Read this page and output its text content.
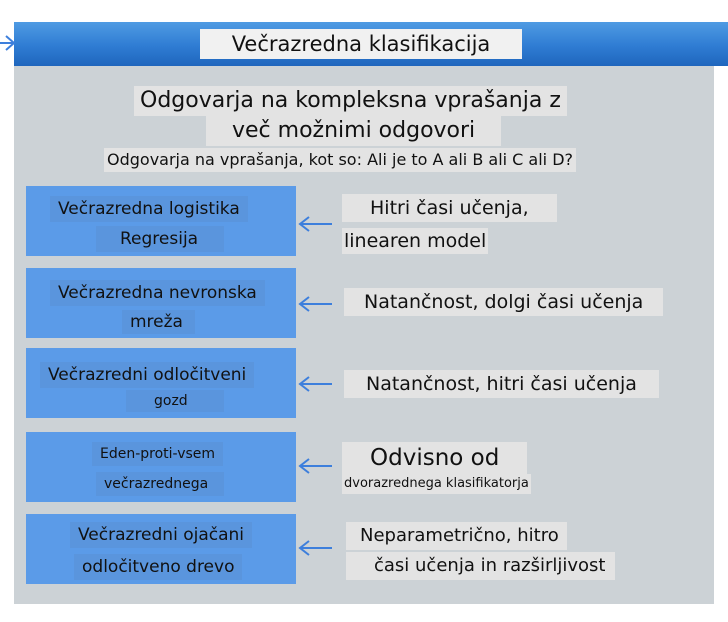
Večrazredna klasifikacija
Odgovarja na kompleksna vprašanja z
več možnimi odgovori
Odgovarja na vprašanja, kot so: Ali je to A ali B ali C ali D?
Večrazredna logistika
Regresija
Hitri časi učenja,
linearen model
Večrazredna nevronska
mreža
Natančnost, dolgi časi učenja
Večrazredni odločitveni
gozd
Natančnost, hitri časi učenja
Eden-proti-vsem
večrazrednega
Odvisno od
dvorazrednega klasifikatorja
Večrazredni ojačani
odločitveno drevo
Neparametrično, hitro
časi učenja in razširljivost
